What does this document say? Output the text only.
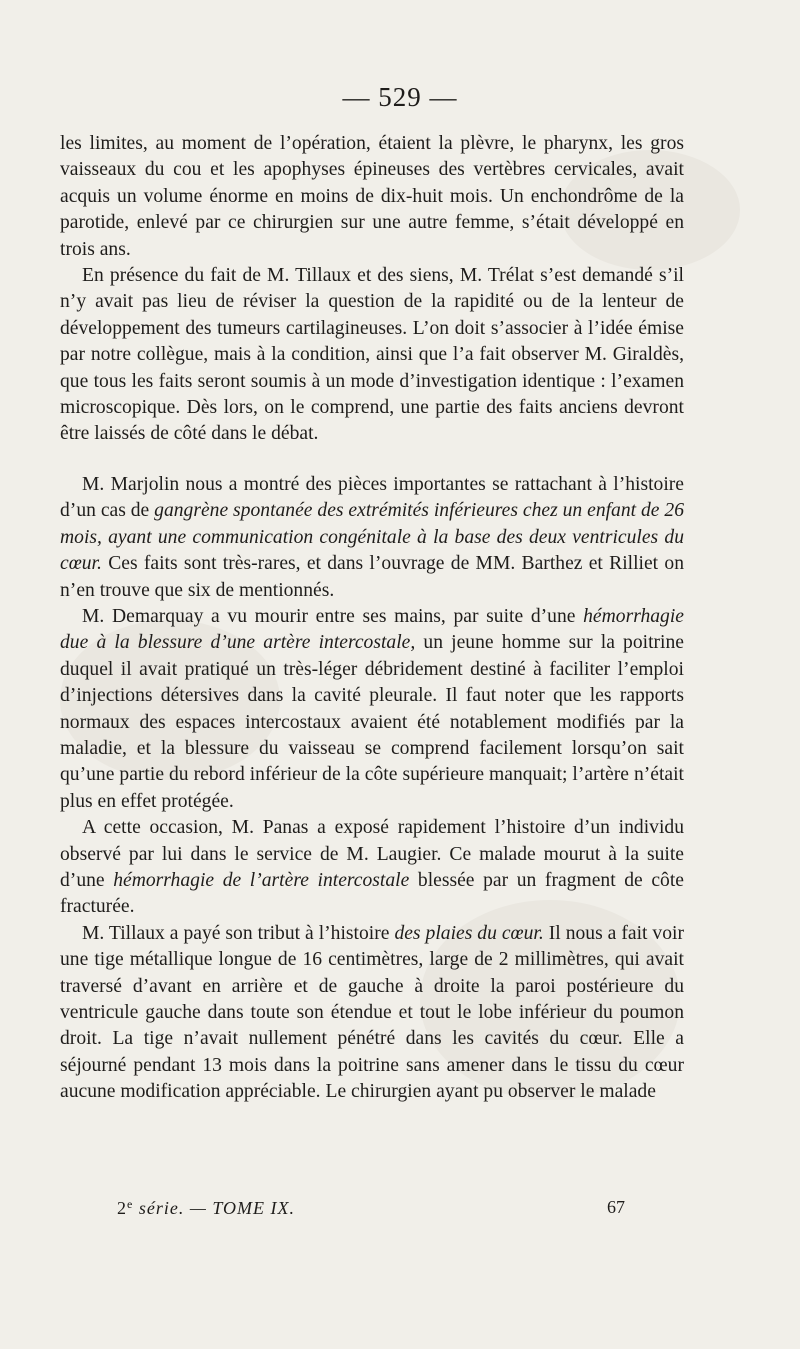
— 529 —

les limites, au moment de l’opération, étaient la plèvre, le pharynx, les gros vaisseaux du cou et les apophyses épineuses des vertèbres cervicales, avait acquis un volume énorme en moins de dix-huit mois. Un enchondrôme de la parotide, enlevé par ce chirurgien sur une autre femme, s’était développé en trois ans.

En présence du fait de M. Tillaux et des siens, M. Trélat s’est demandé s’il n’y avait pas lieu de réviser la question de la rapidité ou de la lenteur de développement des tumeurs cartilagineuses. L’on doit s’associer à l’idée émise par notre collègue, mais à la condition, ainsi que l’a fait observer M. Giraldès, que tous les faits seront soumis à un mode d’investigation identique : l’examen microscopique. Dès lors, on le comprend, une partie des faits anciens devront être laissés de côté dans le débat.

M. Marjolin nous a montré des pièces importantes se rattachant à l’histoire d’un cas de gangrène spontanée des extrémités inférieures chez un enfant de 26 mois, ayant une communication congénitale à la base des deux ventricules du cœur. Ces faits sont très-rares, et dans l’ouvrage de MM. Barthez et Rilliet on n’en trouve que six de mentionnés.

M. Demarquay a vu mourir entre ses mains, par suite d’une hémorrhagie due à la blessure d’une artère intercostale, un jeune homme sur la poitrine duquel il avait pratiqué un très-léger débridement destiné à faciliter l’emploi d’injections détersives dans la cavité pleurale. Il faut noter que les rapports normaux des espaces intercostaux avaient été notablement modifiés par la maladie, et la blessure du vaisseau se comprend facilement lorsqu’on sait qu’une partie du rebord inférieur de la côte supérieure manquait; l’artère n’était plus en effet protégée.

A cette occasion, M. Panas a exposé rapidement l’histoire d’un individu observé par lui dans le service de M. Laugier. Ce malade mourut à la suite d’une hémorrhagie de l’artère intercostale blessée par un fragment de côte fracturée.

M. Tillaux a payé son tribut à l’histoire des plaies du cœur. Il nous a fait voir une tige métallique longue de 16 centimètres, large de 2 millimètres, qui avait traversé d’avant en arrière et de gauche à droite la paroi postérieure du ventricule gauche dans toute son étendue et tout le lobe inférieur du poumon droit. La tige n’avait nullement pénétré dans les cavités du cœur. Elle a séjourné pendant 13 mois dans la poitrine sans amener dans le tissu du cœur aucune modification appréciable. Le chirurgien ayant pu observer le malade

2e série. — TOME IX.	67
